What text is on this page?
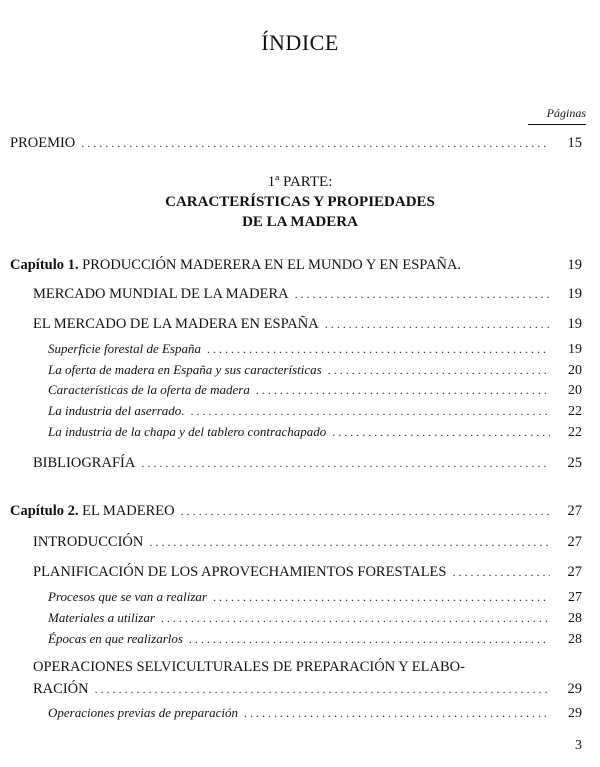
ÍNDICE
Páginas
PROEMIO . . .	15
1ª PARTE:
CARACTERÍSTICAS Y PROPIEDADES
DE LA MADERA
Capítulo 1. PRODUCCIÓN MADERERA EN EL MUNDO Y EN ESPAÑA.	19
MERCADO MUNDIAL DE LA MADERA . . .	19
EL MERCADO DE LA MADERA EN ESPAÑA . . .	19
Superficie forestal de España . . .	19
La oferta de madera en España y sus características . . .	20
Características de la oferta de madera . . .	20
La industria del aserrado. . . .	22
La industria de la chapa y del tablero contrachapado . . .	22
BIBLIOGRAFÍA . . .	25
Capítulo 2. EL MADEREO . . .	27
INTRODUCCIÓN . . .	27
PLANIFICACIÓN DE LOS APROVECHAMIENTOS FORESTALES . . .	27
Procesos que se van a realizar . . .	27
Materiales a utilizar . . .	28
Épocas en que realizarlos . . .	28
OPERACIONES SELVICULTURALES DE PREPARACIÓN Y ELABO-
RACIÓN . . .	29
Operaciones previas de preparación . . .	29
3
